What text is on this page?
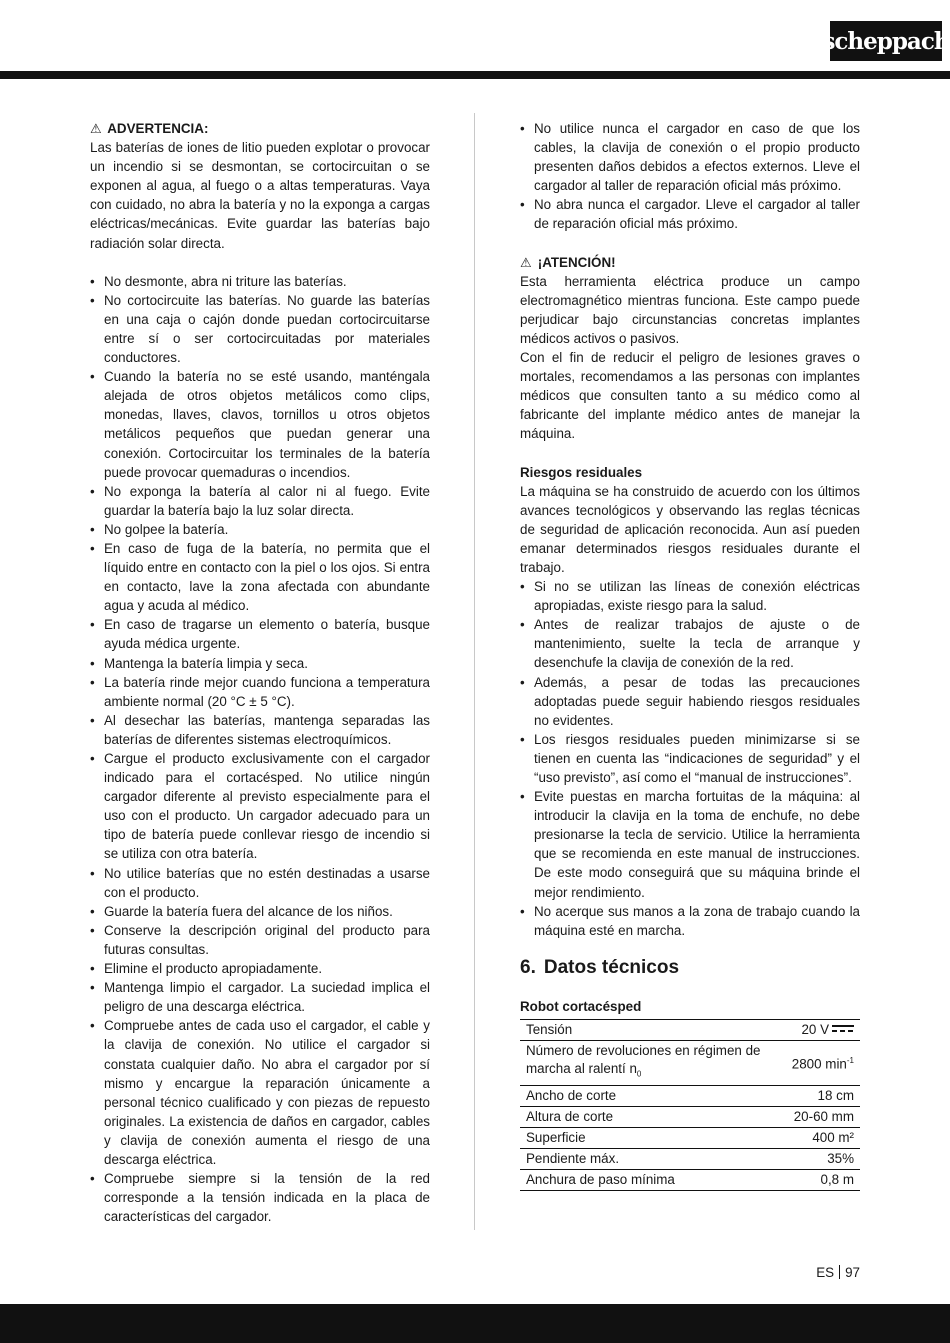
scheppach

⚠ ADVERTENCIA:

Las baterías de iones de litio pueden explotar o provocar un incendio si se desmontan, se cortocircuitan o se exponen al agua, al fuego o a altas temperaturas. Vaya con cuidado, no abra la batería y no la exponga a cargas eléctricas/mecánicas. Evite guardar las baterías bajo radiación solar directa.

• No desmonte, abra ni triture las baterías.
• No cortocircuite las baterías. No guarde las baterías en una caja o cajón donde puedan cortocircuitarse entre sí o ser cortocircuitadas por materiales conductores.
• Cuando la batería no se esté usando, manténgala alejada de otros objetos metálicos como clips, monedas, llaves, clavos, tornillos u otros objetos metálicos pequeños que puedan generar una conexión. Cortocircuitar los terminales de la batería puede provocar quemaduras o incendios.
• No exponga la batería al calor ni al fuego. Evite guardar la batería bajo la luz solar directa.
• No golpee la batería.
• En caso de fuga de la batería, no permita que el líquido entre en contacto con la piel o los ojos. Si entra en contacto, lave la zona afectada con abundante agua y acuda al médico.
• En caso de tragarse un elemento o batería, busque ayuda médica urgente.
• Mantenga la batería limpia y seca.
• La batería rinde mejor cuando funciona a temperatura ambiente normal (20 °C ± 5 °C).
• Al desechar las baterías, mantenga separadas las baterías de diferentes sistemas electroquímicos.
• Cargue el producto exclusivamente con el cargador indicado para el cortacésped. No utilice ningún cargador diferente al previsto especialmente para el uso con el producto. Un cargador adecuado para un tipo de batería puede conllevar riesgo de incendio si se utiliza con otra batería.
• No utilice baterías que no estén destinadas a usarse con el producto.
• Guarde la batería fuera del alcance de los niños.
• Conserve la descripción original del producto para futuras consultas.
• Elimine el producto apropiadamente.
• Mantenga limpio el cargador. La suciedad implica el peligro de una descarga eléctrica.
• Compruebe antes de cada uso el cargador, el cable y la clavija de conexión. No utilice el cargador si constata cualquier daño. No abra el cargador por sí mismo y encargue la reparación únicamente a personal técnico cualificado y con piezas de repuesto originales. La existencia de daños en cargador, cables y clavija de conexión aumenta el riesgo de una descarga eléctrica.
• Compruebe siempre si la tensión de la red corresponde a la tensión indicada en la placa de características del cargador.
• No utilice nunca el cargador en caso de que los cables, la clavija de conexión o el propio producto presenten daños debidos a efectos externos. Lleve el cargador al taller de reparación oficial más próximo.
• No abra nunca el cargador. Lleve el cargador al taller de reparación oficial más próximo.

⚠ ¡ATENCIÓN!

Esta herramienta eléctrica produce un campo electromagnético mientras funciona. Este campo puede perjudicar bajo circunstancias concretas implantes médicos activos o pasivos.

Con el fin de reducir el peligro de lesiones graves o mortales, recomendamos a las personas con implantes médicos que consulten tanto a su médico como al fabricante del implante médico antes de manejar la máquina.

Riesgos residuales

La máquina se ha construido de acuerdo con los últimos avances tecnológicos y observando las reglas técnicas de seguridad de aplicación reconocida. Aun así pueden emanar determinados riesgos residuales durante el trabajo.

• Si no se utilizan las líneas de conexión eléctricas apropiadas, existe riesgo para la salud.
• Antes de realizar trabajos de ajuste o de mantenimiento, suelte la tecla de arranque y desenchufe la clavija de conexión de la red.
• Además, a pesar de todas las precauciones adoptadas puede seguir habiendo riesgos residuales no evidentes.
• Los riesgos residuales pueden minimizarse si se tienen en cuenta las “indicaciones de seguridad” y el “uso previsto”, así como el “manual de instrucciones”.
• Evite puestas en marcha fortuitas de la máquina: al introducir la clavija en la toma de enchufe, no debe presionarse la tecla de servicio. Utilice la herramienta que se recomienda en este manual de instrucciones. De este modo conseguirá que su máquina brinde el mejor rendimiento.
• No acerque sus manos a la zona de trabajo cuando la máquina esté en marcha.
6. Datos técnicos

Robot cortacésped

Tensión	20 V

Número de revoluciones en régimen de marcha al ralentí $n_0$	2800 $\min^{-1}$
Ancho de corte	18 cm
Altura de corte	20-60 mm
Superficie	400 m²
Pendiente máx.	35%
Anchura de paso mínima	0,8 m
ES 97
